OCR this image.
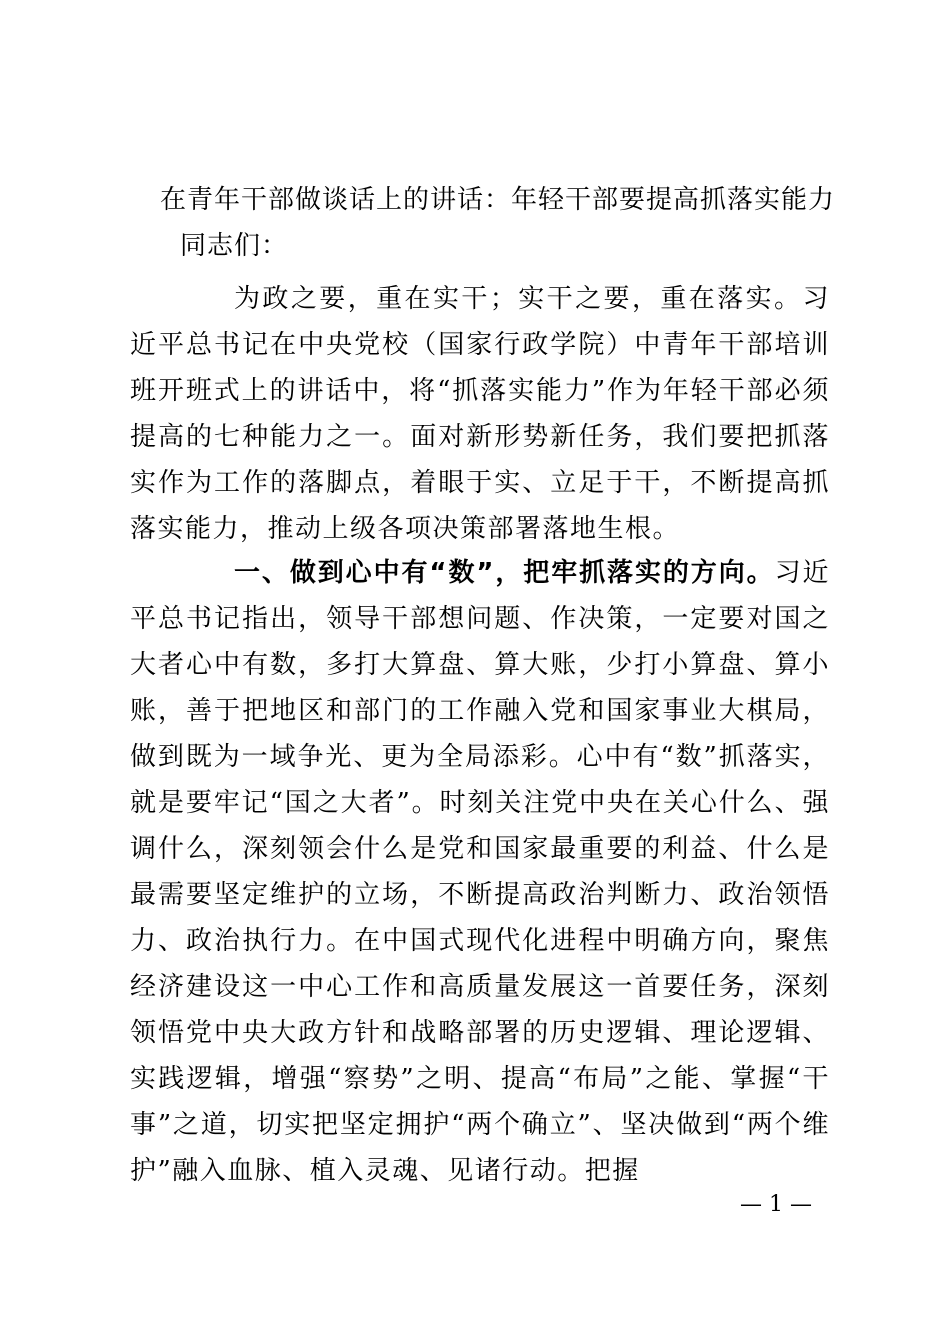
在青年干部做谈话上的讲话：年轻干部要提高抓落实能力
同志们：

为政之要，重在实干；实干之要，重在落实。习近平总书记在中央党校（国家行政学院）中青年干部培训班开班式上的讲话中，将“抓落实能力”作为年轻干部必须提高的七种能力之一。面对新形势新任务，我们要把抓落实作为工作的落脚点，着眼于实、立足于干，不断提高抓落实能力，推动上级各项决策部署落地生根。

一、做到心中有“数”，把牢抓落实的方向。习近平总书记指出，领导干部想问题、作决策，一定要对国之大者心中有数，多打大算盘、算大账，少打小算盘、算小账，善于把地区和部门的工作融入党和国家事业大棋局，做到既为一域争光、更为全局添彩。心中有“数”抓落实，就是要牢记“国之大者”。时刻关注党中央在关心什么、强调什么，深刻领会什么是党和国家最重要的利益、什么是最需要坚定维护的立场，不断提高政治判断力、政治领悟力、政治执行力。在中国式现代化进程中明确方向，聚焦经济建设这一中心工作和高质量发展这一首要任务，深刻领悟党中央大政方针和战略部署的历史逻辑、理论逻辑、实践逻辑，增强“察势”之明、提高“布局”之能、掌握“干事”之道，切实把坚定拥护“两个确立”、坚决做到“两个维护”融入血脉、植入灵魂、见诸行动。把握

— 1 —
